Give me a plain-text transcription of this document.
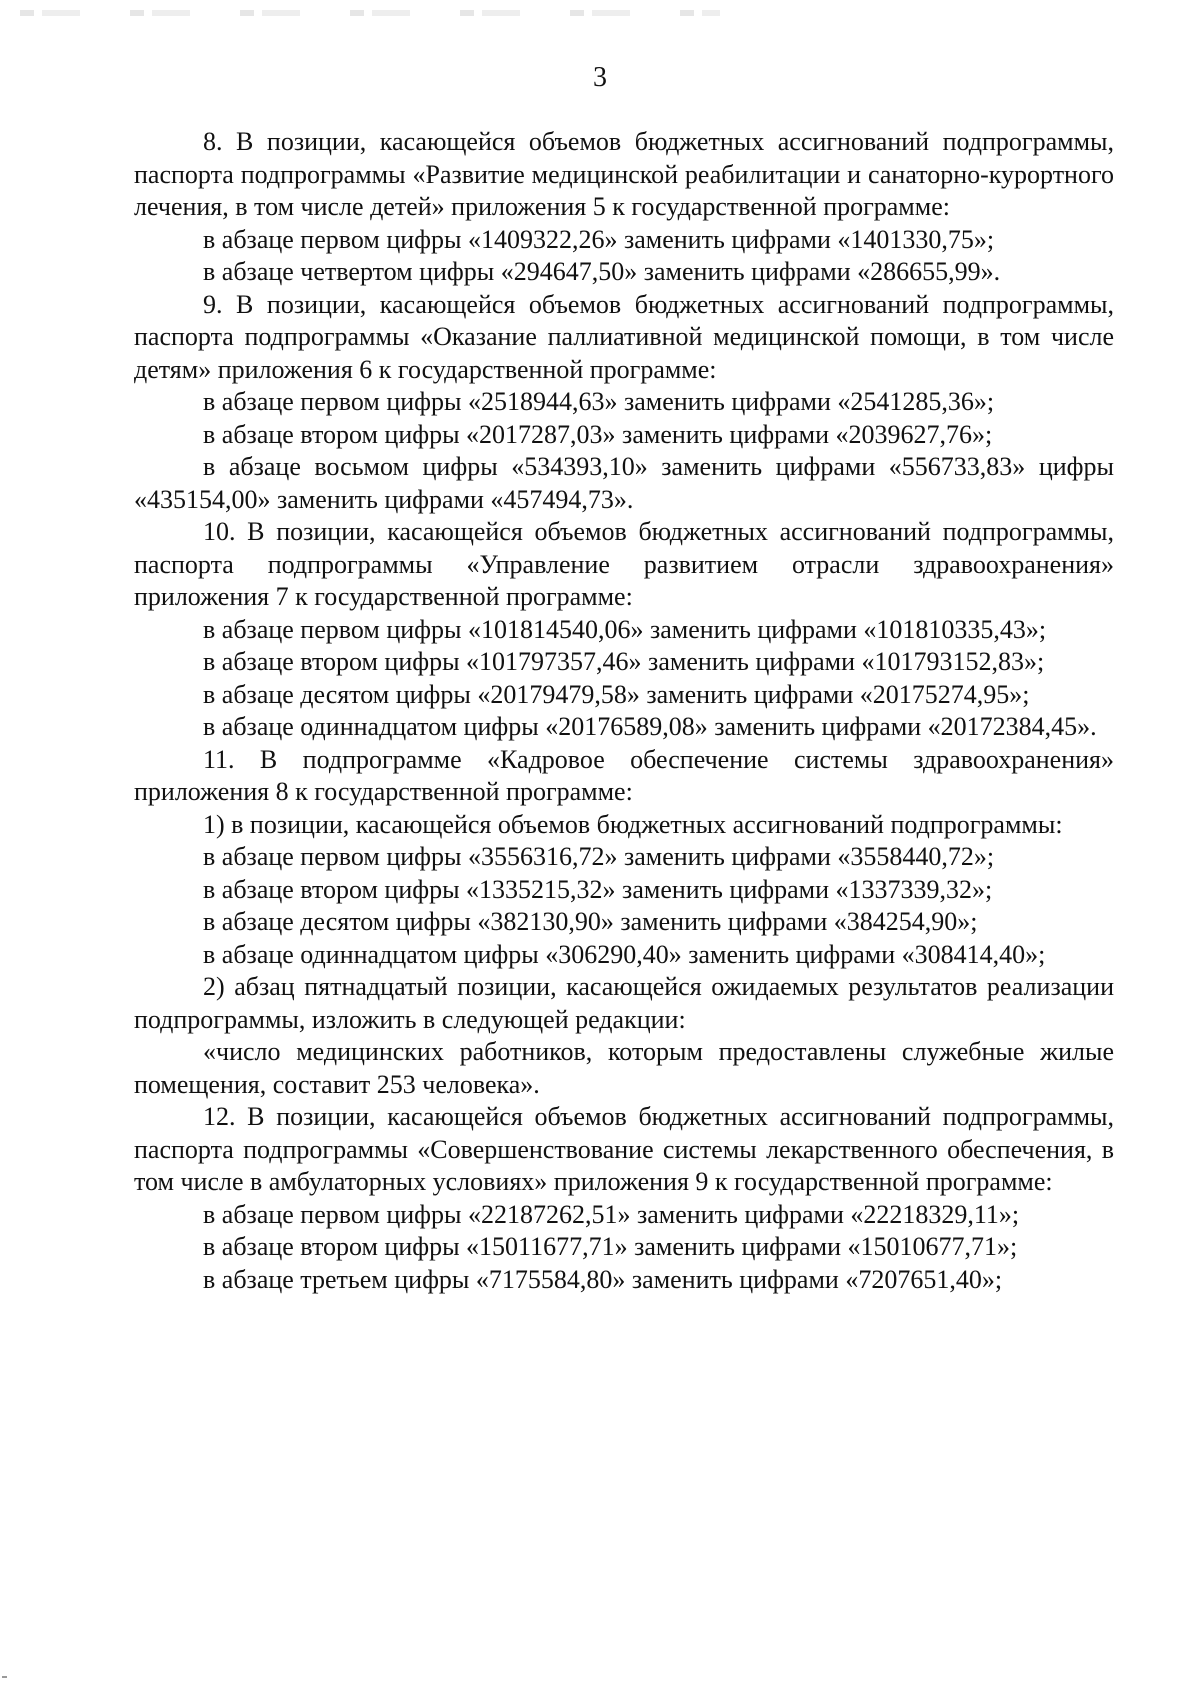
3

8. В позиции, касающейся объемов бюджетных ассигнований подпрограммы, паспорта подпрограммы «Развитие медицинской реабилитации и санаторно-курортного лечения, в том числе детей» приложения 5 к государственной программе:

в абзаце первом цифры «1409322,26» заменить цифрами «1401330,75»;

в абзаце четвертом цифры «294647,50» заменить цифрами «286655,99».

9. В позиции, касающейся объемов бюджетных ассигнований подпрограммы, паспорта подпрограммы «Оказание паллиативной медицинской помощи, в том числе детям» приложения 6 к государственной программе:

в абзаце первом цифры «2518944,63» заменить цифрами «2541285,36»;

в абзаце втором цифры «2017287,03» заменить цифрами «2039627,76»;

в абзаце восьмом цифры «534393,10» заменить цифрами «556733,83» цифры «435154,00» заменить цифрами «457494,73».

10. В позиции, касающейся объемов бюджетных ассигнований подпрограммы, паспорта подпрограммы «Управление развитием отрасли здравоохранения» приложения 7 к государственной программе:

в абзаце первом цифры «101814540,06» заменить цифрами «101810335,43»;

в абзаце втором цифры «101797357,46» заменить цифрами «101793152,83»;

в абзаце десятом цифры «20179479,58» заменить цифрами «20175274,95»;

в абзаце одиннадцатом цифры «20176589,08» заменить цифрами «20172384,45».

11. В подпрограмме «Кадровое обеспечение системы здравоохранения» приложения 8 к государственной программе:

1) в позиции, касающейся объемов бюджетных ассигнований подпрограммы:

в абзаце первом цифры «3556316,72» заменить цифрами «3558440,72»;

в абзаце втором цифры «1335215,32» заменить цифрами «1337339,32»;

в абзаце десятом цифры «382130,90» заменить цифрами «384254,90»;

в абзаце одиннадцатом цифры «306290,40» заменить цифрами «308414,40»;

2) абзац пятнадцатый позиции, касающейся ожидаемых результатов реализации подпрограммы, изложить в следующей редакции:

«число медицинских работников, которым предоставлены служебные жилые помещения, составит 253 человека».

12. В позиции, касающейся объемов бюджетных ассигнований подпрограммы, паспорта подпрограммы «Совершенствование системы лекарственного обеспечения, в том числе в амбулаторных условиях» приложения 9 к государственной программе:

в абзаце первом цифры «22187262,51» заменить цифрами «22218329,11»;

в абзаце втором цифры «15011677,71» заменить цифрами «15010677,71»;

в абзаце третьем цифры «7175584,80» заменить цифрами «7207651,40»;
